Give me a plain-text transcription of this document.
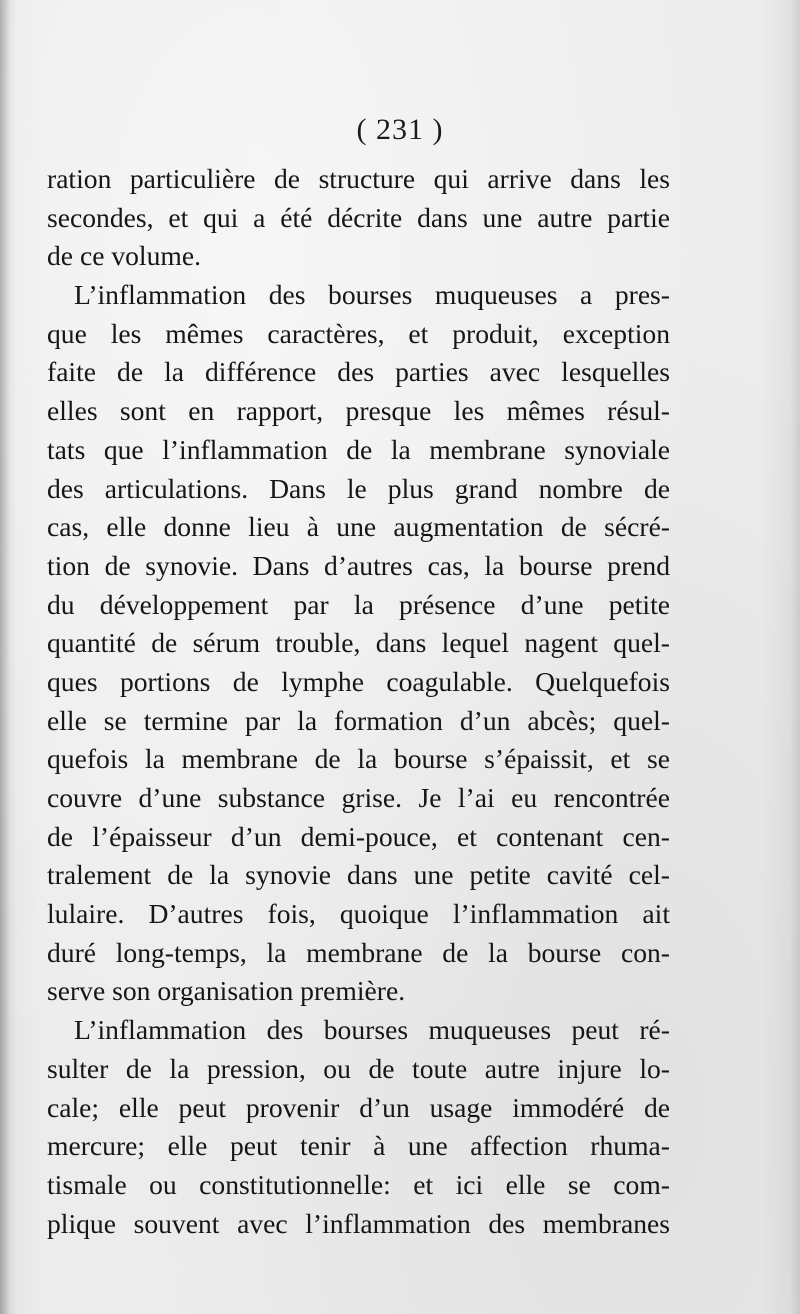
( 231 )
ration particulière de structure qui arrive dans les
secondes, et qui a été décrite dans une autre partie
de ce volume.
L’inflammation des bourses muqueuses a pres-
que les mêmes caractères, et produit, exception
faite de la différence des parties avec lesquelles
elles sont en rapport, presque les mêmes résul-
tats que l’inflammation de la membrane synoviale
des articulations. Dans le plus grand nombre de
cas, elle donne lieu à une augmentation de sécré-
tion de synovie. Dans d’autres cas, la bourse prend
du développement par la présence d’une petite
quantité de sérum trouble, dans lequel nagent quel-
ques portions de lymphe coagulable. Quelquefois
elle se termine par la formation d’un abcès; quel-
quefois la membrane de la bourse s’épaissit, et se
couvre d’une substance grise. Je l’ai eu rencontrée
de l’épaisseur d’un demi-pouce, et contenant cen-
tralement de la synovie dans une petite cavité cel-
lulaire. D’autres fois, quoique l’inflammation ait
duré long-temps, la membrane de la bourse con-
serve son organisation première.
L’inflammation des bourses muqueuses peut ré-
sulter de la pression, ou de toute autre injure lo-
cale; elle peut provenir d’un usage immodéré de
mercure; elle peut tenir à une affection rhuma-
tismale ou constitutionnelle: et ici elle se com-
plique souvent avec l’inflammation des membranes
